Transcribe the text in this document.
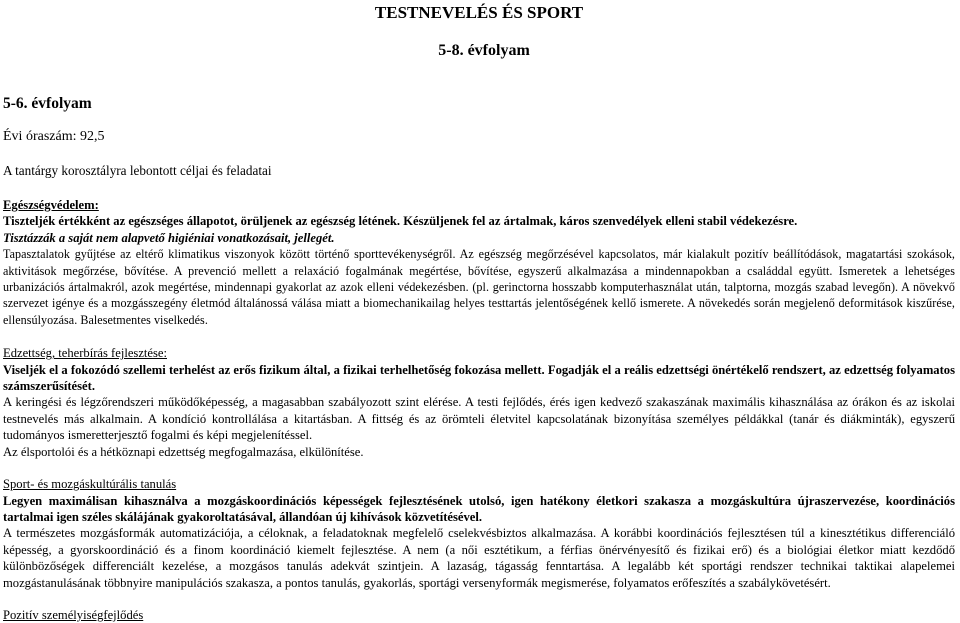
TESTNEVELÉS ÉS SPORT

5-8. évfolyam

5-6. évfolyam

Évi óraszám: 92,5

A tantárgy korosztályra lebontott céljai és feladatai

Egészségvédelem:
Tiszteljék értékként az egészséges állapotot, örüljenek az egészség létének. Készüljenek fel az ártalmak, káros szenvedélyek elleni stabil védekezésre.
Tisztázzák a saját nem alapvető higiéniai vonatkozásait, jellegét.
Tapasztalatok gyűjtése az eltérő klimatikus viszonyok között történő sporttevékenységről. Az egészség megőrzésével kapcsolatos, már kialakult pozitív beállítódások, magatartási szokások, aktivitások megőrzése, bővítése. A prevenció mellett a relaxáció fogalmának megértése, bővítése, egyszerű alkalmazása a mindennapokban a családdal együtt. Ismeretek a lehetséges urbanizációs ártalmakról, azok megértése, mindennapi gyakorlat az azok elleni védekezésben. (pl. gerinctorna hosszabb komputerhasználat után, talptorna, mozgás szabad levegőn). A növekvő szervezet igénye és a mozgásszegény életmód általánossá válása miatt a biomechanikailag helyes testtartás jelentőségének kellő ismerete. A növekedés során megjelenő deformitások kiszűrése, ellensúlyozása. Balesetmentes viselkedés.
Edzettség, teherbírás fejlesztése:
Viseljék el a fokozódó szellemi terhelést az erős fizikum által, a fizikai terhelhetőség fokozása mellett. Fogadják el a reális edzettségi önértékelő rendszert, az edzettség folyamatos számszerűsítését.
A keringési és légzőrendszeri működőképesség, a magasabban szabályozott szint elérése. A testi fejlődés, érés igen kedvező szakaszának maximális kihasználása az órákon és az iskolai testnevelés más alkalmain. A kondíció kontrollálása a kitartásban. A fittség és az örömteli életvitel kapcsolatának bizonyítása személyes példákkal (tanár és diákminták), egyszerű tudományos ismeretterjesztő fogalmi és képi megjelenítéssel.
Az élsportolói és a hétköznapi edzettség megfogalmazása, elkülönítése.
Sport- és mozgáskultúrális tanulás
Legyen maximálisan kihasználva a mozgáskoordinációs képességek fejlesztésének utolsó, igen hatékony életkori szakasza a mozgáskultúra újraszervezése, koordinációs tartalmai igen széles skálájának gyakoroltatásával, állandóan új kihívások közvetítésével.
A természetes mozgásformák automatizációja, a céloknak, a feladatoknak megfelelő cselekvésbiztos alkalmazása. A korábbi koordinációs fejlesztésen túl a kinesztétikus differenciáló képesség, a gyorskoordináció és a finom koordináció kiemelt fejlesztése. A nem (a női esztétikum, a férfias önérvényesítő és fizikai erő) és a biológiai életkor miatt kezdődő különbözőségek differenciált kezelése, a mozgásos tanulás adekvát szintjein. A lazaság, tágasság fenntartása. A legalább két sportági rendszer technikai taktikai alapelemei mozgástanulásának többnyire manipulációs szakasza, a pontos tanulás, gyakorlás, sportági versenyformák megismerése, folyamatos erőfeszítés a szabálykövetésért.
Pozitív személyiségfejlődés
